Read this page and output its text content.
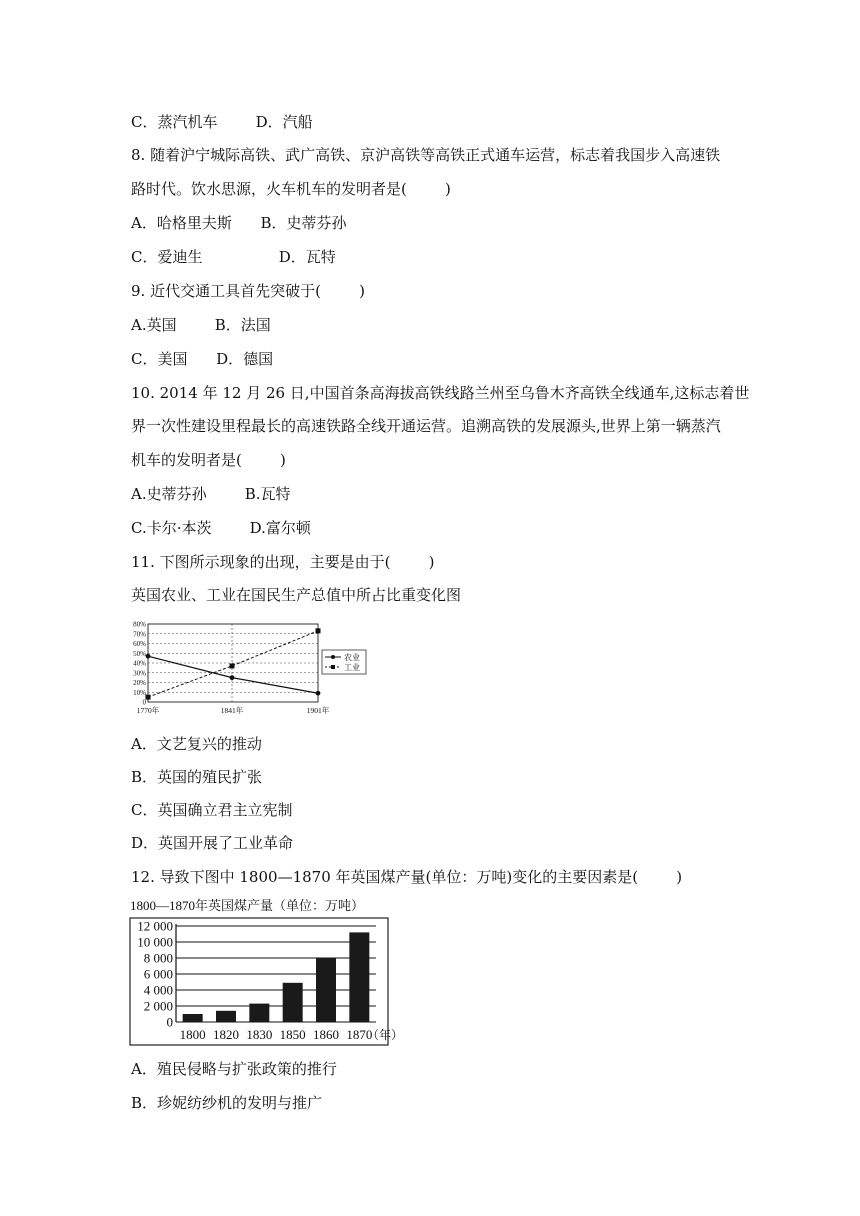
C．蒸汽机车        D．汽船
8. 随着沪宁城际高铁、武广高铁、京沪高铁等高铁正式通车运营，标志着我国步入高速铁
路时代。饮水思源，火车机车的发明者是(        )
A．哈格里夫斯      B．史蒂芬孙
C．爱迪生                D．瓦特
9. 近代交通工具首先突破于(        )
A.英国        B．法国
C．美国      D．德国
10. 2014 年 12 月 26 日,中国首条高海拔高铁线路兰州至乌鲁木齐高铁全线通车,这标志着世
界一次性建设里程最长的高速铁路全线开通运营。追溯高铁的发展源头,世界上第一辆蒸汽
机车的发明者是(        )
A.史蒂芬孙        B.瓦特
C.卡尔·本茨        D.富尔顿
11. 下图所示现象的出现，主要是由于(        )
英国农业、工业在国民生产总值中所占比重变化图
0
10%
20%
30%
40%
50%
60%
70%
80%
1770年	1841年	1901年
农业
工业
A．文艺复兴的推动
B．英国的殖民扩张
C．英国确立君主立宪制
D．英国开展了工业革命
12. 导致下图中 1800—1870 年英国煤产量(单位：万吨)变化的主要因素是(        )
1800—1870年英国煤产量（单位：万吨）
0
2 000
4 000
6 000
8 000
10 000
12 000
1800 1820 1830 1850 1860 1870
（年）
A．殖民侵略与扩张政策的推行
B．珍妮纺纱机的发明与推广
